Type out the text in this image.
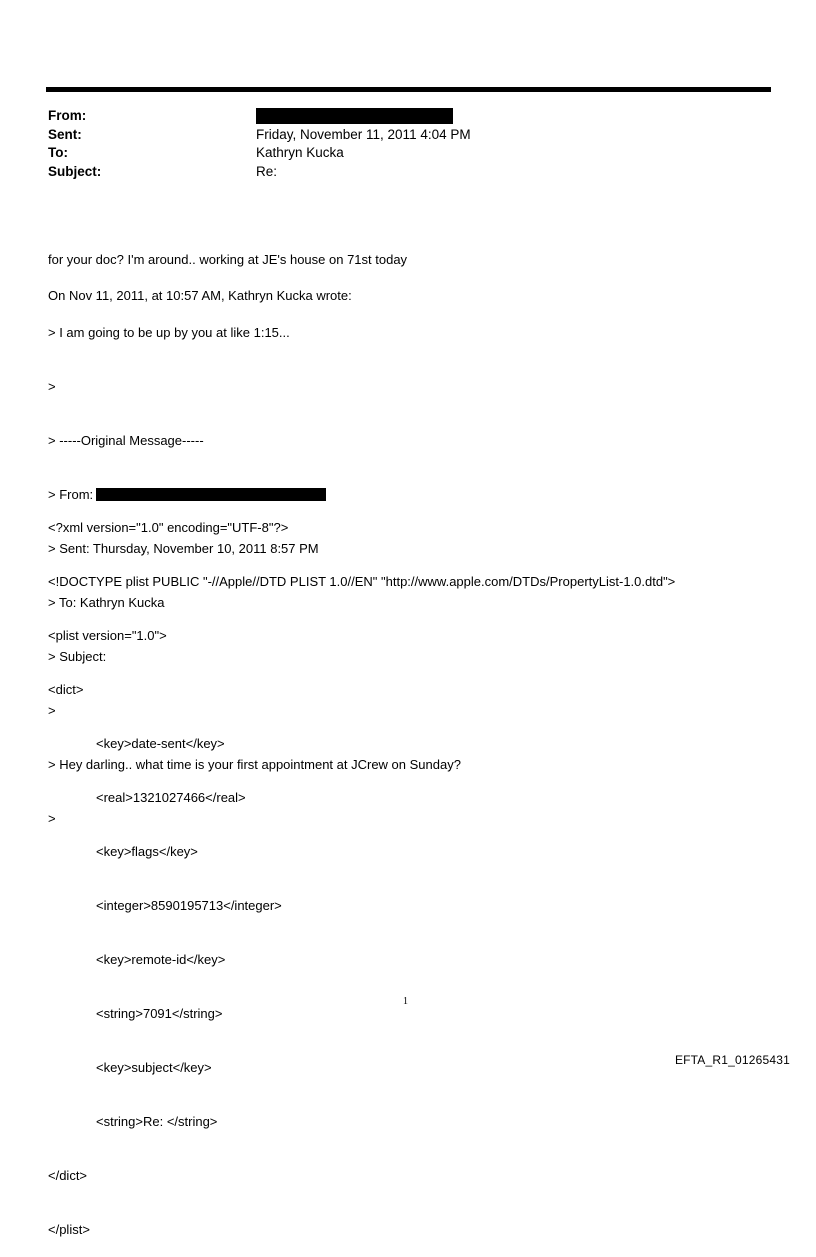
From:
Sent:	Friday, November 11, 2011 4:04 PM
To:	Kathryn Kucka
Subject:	Re:

for your doc? I'm around.. working at JE's house on 71st today

On Nov 11, 2011, at 10:57 AM, Kathryn Kucka wrote:

> I am going to be up by you at like 1:15...

>

> -----Original Message-----

> From:

> Sent: Thursday, November 10, 2011 8:57 PM

> To: Kathryn Kucka

> Subject:

>

> Hey darling.. what time is your first appointment at JCrew on Sunday?

>

<?xml version="1.0" encoding="UTF-8"?>

<!DOCTYPE plist PUBLIC "-//Apple//DTD PLIST 1.0//EN" "http://www.apple.com/DTDs/PropertyList-1.0.dtd">

<plist version="1.0">

<dict>

<key>date-sent</key>

<real>1321027466</real>

<key>flags</key>

<integer>8590195713</integer>

<key>remote-id</key>

<string>7091</string>

<key>subject</key>

<string>Re: </string>

</dict>

</plist>

1
EFTA_R1_01265431
